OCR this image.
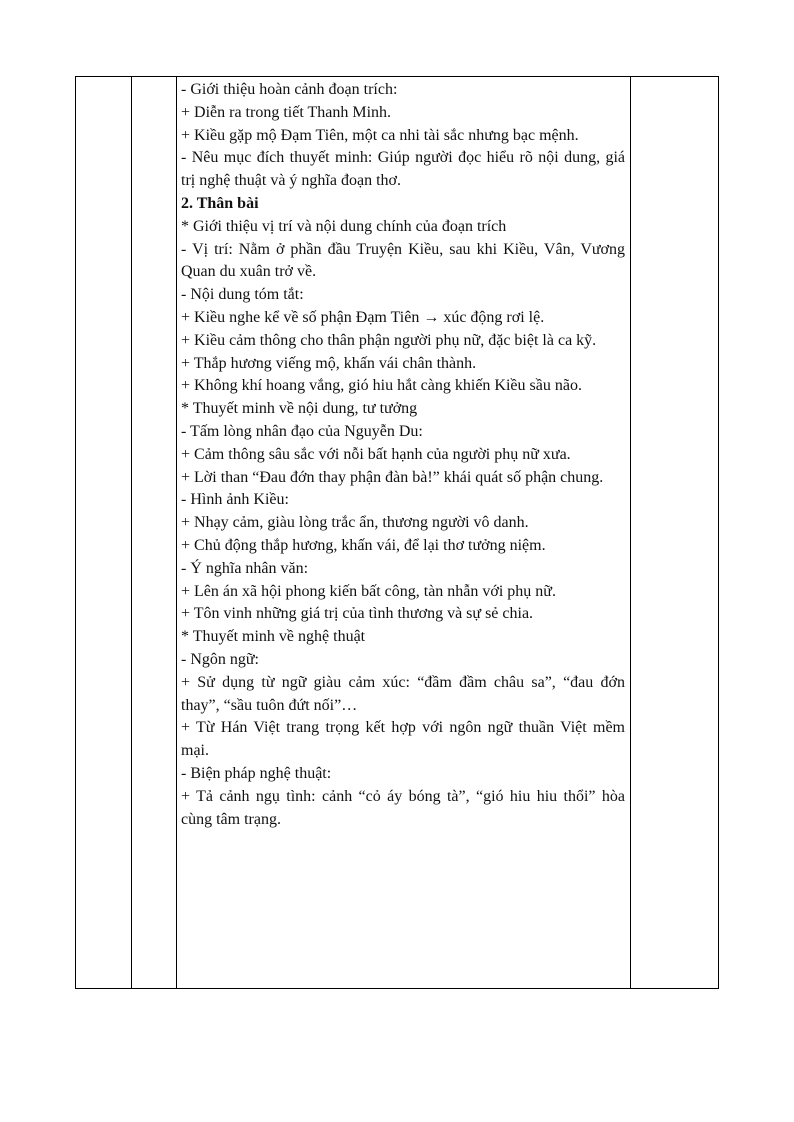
- Giới thiệu hoàn cảnh đoạn trích:
+ Diễn ra trong tiết Thanh Minh.
+ Kiều gặp mộ Đạm Tiên, một ca nhi tài sắc nhưng bạc mệnh.
- Nêu mục đích thuyết minh: Giúp người đọc hiểu rõ nội dung, giá trị nghệ thuật và ý nghĩa đoạn thơ.
2. Thân bài
* Giới thiệu vị trí và nội dung chính của đoạn trích
- Vị trí: Nằm ở phần đầu Truyện Kiều, sau khi Kiều, Vân, Vương Quan du xuân trở về.
- Nội dung tóm tắt:
+ Kiều nghe kể về số phận Đạm Tiên → xúc động rơi lệ.
+ Kiều cảm thông cho thân phận người phụ nữ, đặc biệt là ca kỹ.
+ Thắp hương viếng mộ, khấn vái chân thành.
+ Không khí hoang vắng, gió hiu hắt càng khiến Kiều sầu não.
* Thuyết minh về nội dung, tư tưởng
- Tấm lòng nhân đạo của Nguyễn Du:
+ Cảm thông sâu sắc với nỗi bất hạnh của người phụ nữ xưa.
+ Lời than “Đau đớn thay phận đàn bà!” khái quát số phận chung.
- Hình ảnh Kiều:
+ Nhạy cảm, giàu lòng trắc ẩn, thương người vô danh.
+ Chủ động thắp hương, khấn vái, để lại thơ tưởng niệm.
- Ý nghĩa nhân văn:
+ Lên án xã hội phong kiến bất công, tàn nhẫn với phụ nữ.
+ Tôn vinh những giá trị của tình thương và sự sẻ chia.
* Thuyết minh về nghệ thuật
- Ngôn ngữ:
+ Sử dụng từ ngữ giàu cảm xúc: “đầm đầm châu sa”, “đau đớn thay”, “sầu tuôn đứt nối”…
+ Từ Hán Việt trang trọng kết hợp với ngôn ngữ thuần Việt mềm mại.
- Biện pháp nghệ thuật:
+ Tả cảnh ngụ tình: cảnh “cỏ áy bóng tà”, “gió hiu hiu thổi” hòa cùng tâm trạng.
